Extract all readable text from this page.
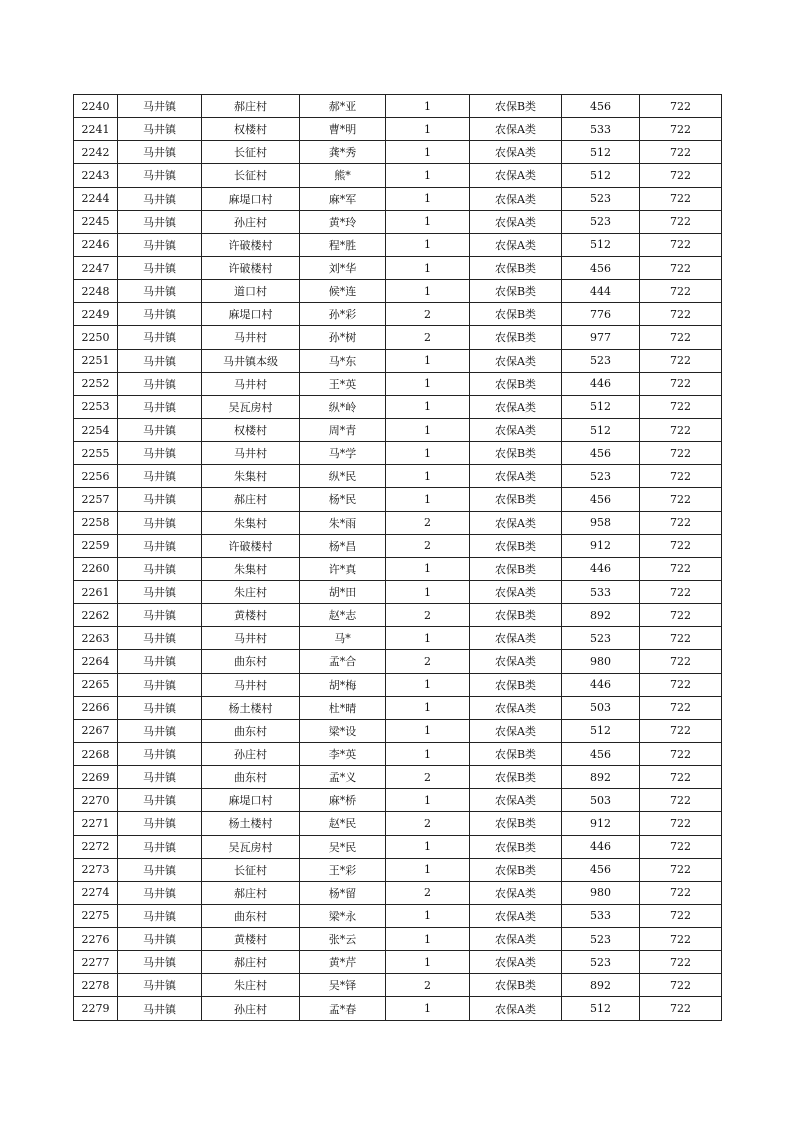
2240	马井镇	郝庄村	郝*亚	1	农保B类	456	722
2241	马井镇	权楼村	曹*明	1	农保A类	533	722
2242	马井镇	长征村	龚*秀	1	农保A类	512	722
2243	马井镇	长征村	熊*	1	农保A类	512	722
2244	马井镇	麻堤口村	麻*军	1	农保A类	523	722
2245	马井镇	孙庄村	黄*玲	1	农保A类	523	722
2246	马井镇	许破楼村	程*胜	1	农保A类	512	722
2247	马井镇	许破楼村	刘*华	1	农保B类	456	722
2248	马井镇	道口村	候*连	1	农保B类	444	722
2249	马井镇	麻堤口村	孙*彩	2	农保B类	776	722
2250	马井镇	马井村	孙*树	2	农保B类	977	722
2251	马井镇	马井镇本级	马*东	1	农保A类	523	722
2252	马井镇	马井村	王*英	1	农保B类	446	722
2253	马井镇	吴瓦房村	纵*岭	1	农保A类	512	722
2254	马井镇	权楼村	周*青	1	农保A类	512	722
2255	马井镇	马井村	马*学	1	农保B类	456	722
2256	马井镇	朱集村	纵*民	1	农保A类	523	722
2257	马井镇	郝庄村	杨*民	1	农保B类	456	722
2258	马井镇	朱集村	朱*雨	2	农保A类	958	722
2259	马井镇	许破楼村	杨*昌	2	农保B类	912	722
2260	马井镇	朱集村	许*真	1	农保B类	446	722
2261	马井镇	朱庄村	胡*田	1	农保A类	533	722
2262	马井镇	黄楼村	赵*志	2	农保B类	892	722
2263	马井镇	马井村	马*	1	农保A类	523	722
2264	马井镇	曲东村	孟*合	2	农保A类	980	722
2265	马井镇	马井村	胡*梅	1	农保B类	446	722
2266	马井镇	杨土楼村	杜*晴	1	农保A类	503	722
2267	马井镇	曲东村	梁*设	1	农保A类	512	722
2268	马井镇	孙庄村	李*英	1	农保B类	456	722
2269	马井镇	曲东村	孟*义	2	农保B类	892	722
2270	马井镇	麻堤口村	麻*桥	1	农保A类	503	722
2271	马井镇	杨土楼村	赵*民	2	农保B类	912	722
2272	马井镇	吴瓦房村	吴*民	1	农保B类	446	722
2273	马井镇	长征村	王*彩	1	农保B类	456	722
2274	马井镇	郝庄村	杨*留	2	农保A类	980	722
2275	马井镇	曲东村	梁*永	1	农保A类	533	722
2276	马井镇	黄楼村	张*云	1	农保A类	523	722
2277	马井镇	郝庄村	黄*芹	1	农保A类	523	722
2278	马井镇	朱庄村	吴*铎	2	农保B类	892	722
2279	马井镇	孙庄村	孟*春	1	农保A类	512	722
